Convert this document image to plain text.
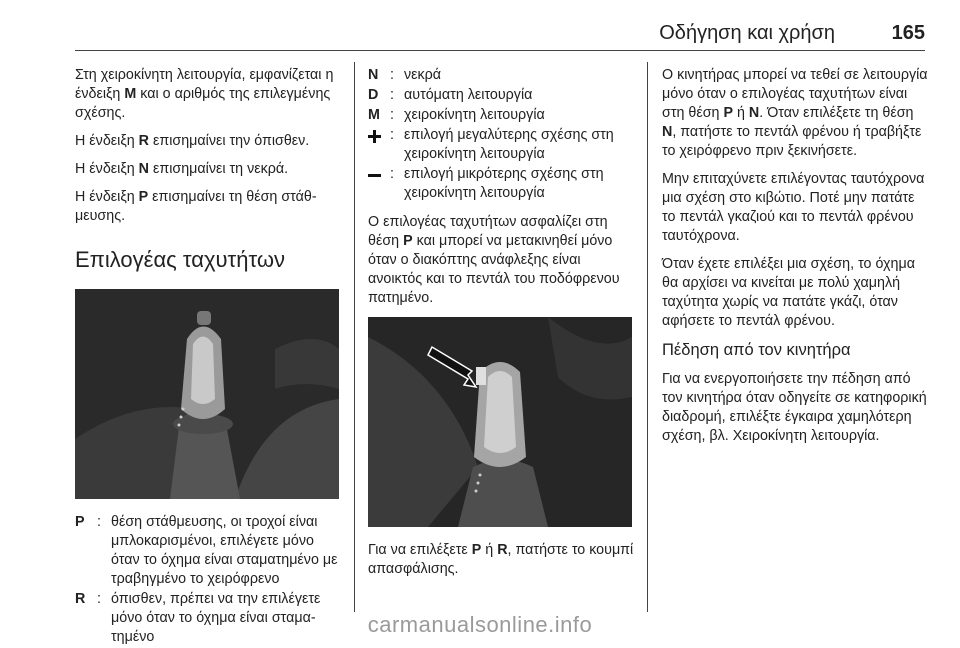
Οδήγηση και χρήση	165

Στη χειροκίνητη λειτουργία, εμφανίζεται η ένδειξη M και ο αριθμός της επιλεγμένης σχέσης.

Η ένδειξη R επισημαίνει την όπισθεν.

Η ένδειξη N επισημαίνει τη νεκρά.

Η ένδειξη P επισημαίνει τη θέση στάθμευσης.

Επιλογέας ταχυτήτων
P : θέση στάθμευσης, οι τροχοί είναι μπλοκαρισμένοι, επιλέγετε μόνο όταν το όχημα είναι σταματημένο με τραβηγμένο το χειρόφρενο
R : όπισθεν, πρέπει να την επιλέγετε μόνο όταν το όχημα είναι σταματημένο
N : νεκρά
D : αυτόματη λειτουργία
M : χειροκίνητη λειτουργία
: επιλογή μεγαλύτερης σχέσης στη χειροκίνητη λειτουργία
: επιλογή μικρότερης σχέσης στη χειροκίνητη λειτουργία

Ο επιλογέας ταχυτήτων ασφαλίζει στη θέση P και μπορεί να μετακινηθεί μόνο όταν ο διακόπτης ανάφλεξης είναι ανοικτός και το πεντάλ του ποδόφρενου πατημένο.

Για να επιλέξετε P ή R, πατήστε το κουμπί απασφάλισης.

Ο κινητήρας μπορεί να τεθεί σε λειτουργία μόνο όταν ο επιλογέας ταχυτήτων είναι στη θέση P ή N. Όταν επιλέξετε τη θέση N, πατήστε το πεντάλ φρένου ή τραβήξτε το χειρόφρενο πριν ξεκινήσετε.

Μην επιταχύνετε επιλέγοντας ταυτόχρονα μια σχέση στο κιβώτιο. Ποτέ μην πατάτε το πεντάλ γκαζιού και το πεντάλ φρένου ταυτόχρονα.

Όταν έχετε επιλέξει μια σχέση, το όχημα θα αρχίσει να κινείται με πολύ χαμηλή ταχύτητα χωρίς να πατάτε γκάζι, όταν αφήσετε το πεντάλ φρένου.

Πέδηση από τον κινητήρα

Για να ενεργοποιήσετε την πέδηση από τον κινητήρα όταν οδηγείτε σε κατηφορική διαδρομή, επιλέξτε έγκαιρα χαμηλότερη σχέση, βλ. Χειροκίνητη λειτουργία.

carmanualsonline.info
